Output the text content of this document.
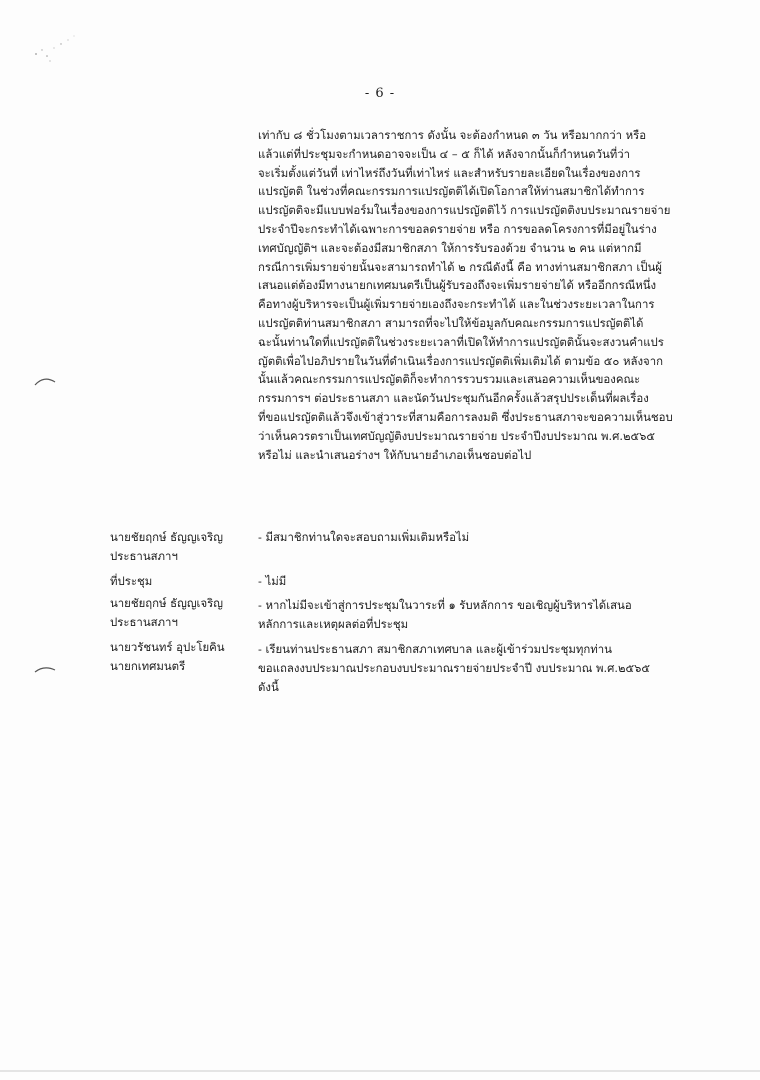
- 6 -
เท่ากับ ๘ ชั่วโมงตามเวลาราชการ ดังนั้น จะต้องกำหนด ๓ วัน หรือมากกว่า หรือ
แล้วแต่ที่ประชุมจะกำหนดอาจจะเป็น ๔ – ๕ ก็ได้ หลังจากนั้นก็กำหนดวันที่ว่า
จะเริ่มตั้งแต่วันที่ เท่าไหร่ถึงวันที่เท่าไหร่ และสำหรับรายละเอียดในเรื่องของการ
แปรญัตติ ในช่วงที่คณะกรรมการแปรญัตติได้เปิดโอกาสให้ท่านสมาชิกได้ทำการ
แปรญัตติจะมีแบบฟอร์มในเรื่องของการแปรญัตติไว้ การแปรญัตติงบประมาณรายจ่าย
ประจำปีจะกระทำได้เฉพาะการขอลดรายจ่าย หรือ การขอลดโครงการที่มีอยู่ในร่าง
เทศบัญญัติฯ และจะต้องมีสมาชิกสภา ให้การรับรองด้วย จำนวน ๒ คน แต่หากมี
กรณีการเพิ่มรายจ่ายนั้นจะสามารถทำได้ ๒ กรณีดังนี้ คือ ทางท่านสมาชิกสภา เป็นผู้
เสนอแต่ต้องมีทางนายกเทศมนตรีเป็นผู้รับรองถึงจะเพิ่มรายจ่ายได้ หรืออีกกรณีหนึ่ง
คือทางผู้บริหารจะเป็นผู้เพิ่มรายจ่ายเองถึงจะกระทำได้ และในช่วงระยะเวลาในการ
แปรญัตติท่านสมาชิกสภา สามารถที่จะไปให้ข้อมูลกับคณะกรรมการแปรญัตติได้
ฉะนั้นท่านใดที่แปรญัตติในช่วงระยะเวลาที่เปิดให้ทำการแปรญัตตินั้นจะสงวนคำแปร
ญัตติเพื่อไปอภิปรายในวันที่ดำเนินเรื่องการแปรญัตติเพิ่มเติมได้ ตามข้อ ๕๐ หลังจาก
นั้นแล้วคณะกรรมการแปรญัตติก็จะทำการรวบรวมและเสนอความเห็นของคณะ
กรรมการฯ ต่อประธานสภา และนัดวันประชุมกันอีกครั้งแล้วสรุปประเด็นที่ผลเรื่อง
ที่ขอแปรญัตติแล้วจึงเข้าสู่วาระที่สามคือการลงมติ ซึ่งประธานสภาจะขอความเห็นชอบ
ว่าเห็นควรตราเป็นเทศบัญญัติงบประมาณรายจ่าย ประจำปีงบประมาณ พ.ศ.๒๕๖๕
หรือไม่ และนำเสนอร่างฯ ให้กับนายอำเภอเห็นชอบต่อไป
นายชัยฤกษ์ ธัญญเจริญ
ประธานสภาฯ
- มีสมาชิกท่านใดจะสอบถามเพิ่มเติมหรือไม่
ที่ประชุม	- ไม่มี
นายชัยฤกษ์ ธัญญเจริญ
ประธานสภาฯ
- หากไม่มีจะเข้าสู่การประชุมในวาระที่ ๑ รับหลักการ ขอเชิญผู้บริหารได้เสนอ
หลักการและเหตุผลต่อที่ประชุม
นายวรัชนทร์ อุปะโยคิน
นายกเทศมนตรี
- เรียนท่านประธานสภา สมาชิกสภาเทศบาล และผู้เข้าร่วมประชุมทุกท่าน
ขอแถลงงบประมาณประกอบงบประมาณรายจ่ายประจำปี งบประมาณ พ.ศ.๒๕๖๕
ดังนี้
